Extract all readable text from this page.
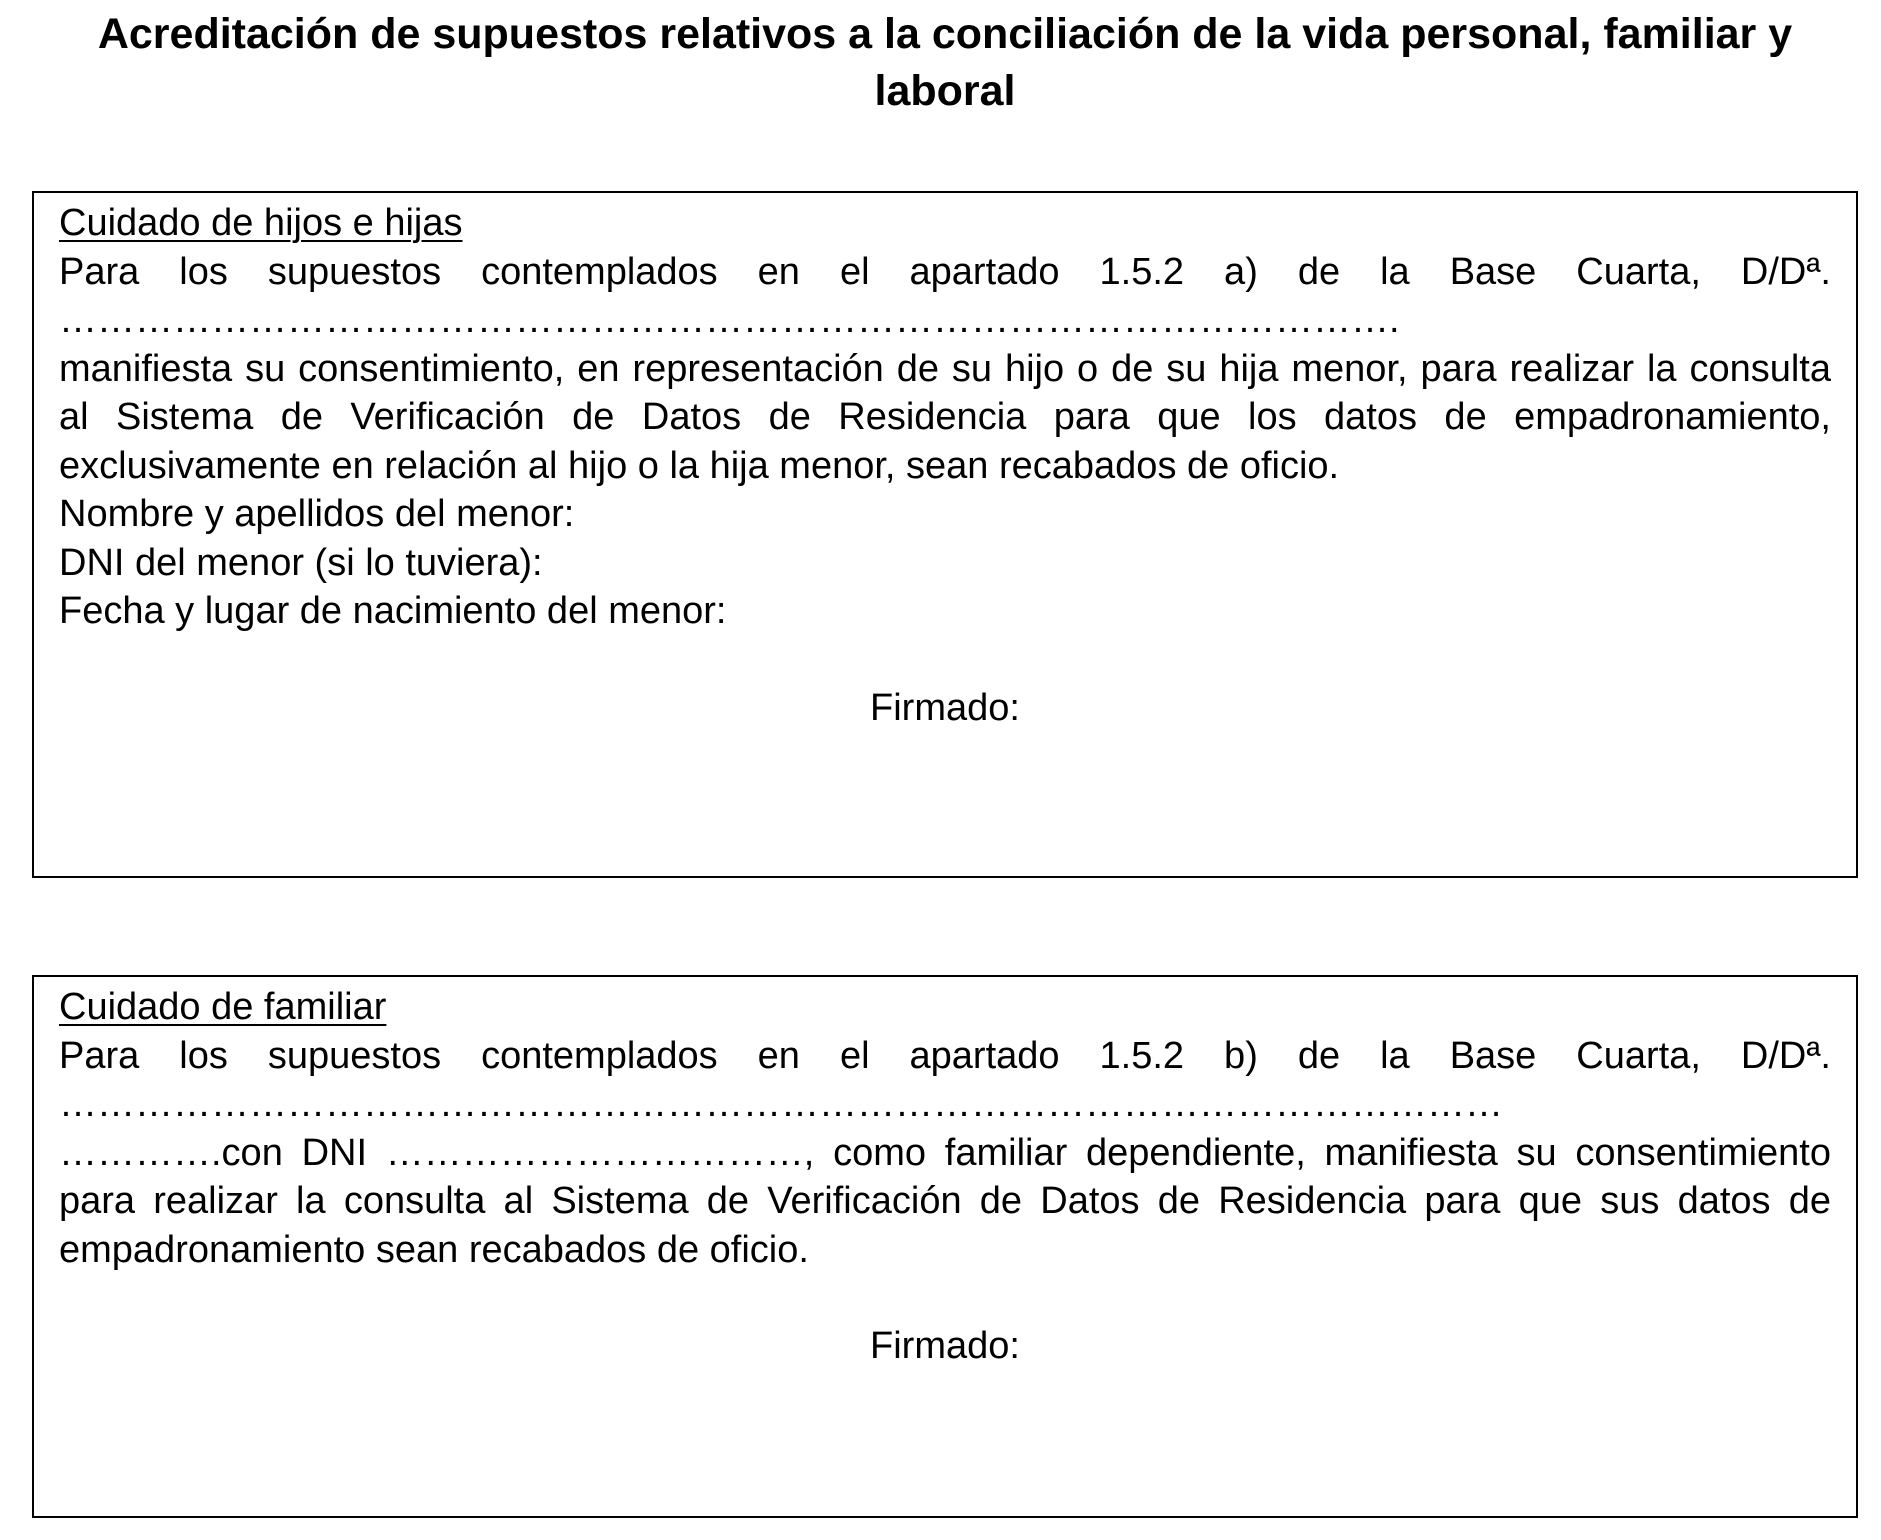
Acreditación de supuestos relativos a la conciliación de la vida personal, familiar y laboral
Cuidado de hijos e hijas
Para los supuestos contemplados en el apartado 1.5.2 a) de la Base Cuarta, D/Dª.
…………………………………………………………………………………………….

manifiesta su consentimiento, en representación de su hijo o de su hija menor, para realizar la consulta al Sistema de Verificación de Datos de Residencia para que los datos de empadronamiento, exclusivamente en relación al hijo o la hija menor, sean recabados de oficio.

Nombre y apellidos del menor:
DNI del menor (si lo tuviera):
Fecha y lugar de nacimiento del menor:
Firmado:
Cuidado de familiar
Para los supuestos contemplados en el apartado 1.5.2 b) de la Base Cuarta, D/Dª.
……………………………………………………………………………………………………

………….con DNI ……………………………, como familiar dependiente, manifiesta su consentimiento para realizar la consulta al Sistema de Verificación de Datos de Residencia para que sus datos de empadronamiento sean recabados de oficio.

Firmado:
